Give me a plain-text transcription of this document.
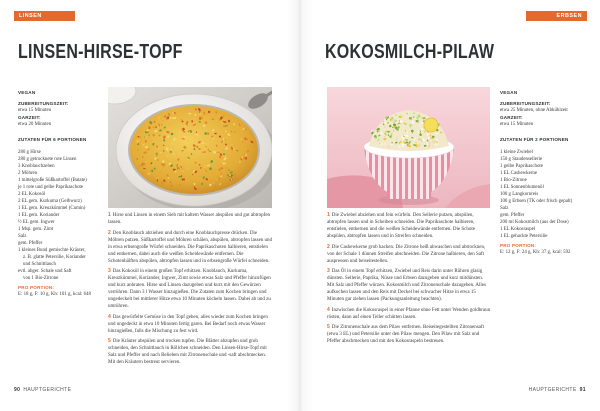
LINSEN
LINSEN-HIRSE-TOPF
VEGAN
ZUBEREITUNGSZEIT:
etwa 15 Minuten
GARZEIT:
etwa 20 Minuten
ZUTATEN FÜR 6 PORTIONEN
280 g Hirse
280 g getrocknete rote Linsen
3 Knoblauchzehen
2 Möhren
1 mittelgroße Süßkartoffel (Batate)
je 1 rote und gelbe Paprikaschote
2 EL Kokosöl
2 EL gem. Kurkuma (Gelbwurz)
1 EL gem. Kreuzkümmel (Cumin)
1 EL gem. Koriander
½ EL gem. Ingwer
1 Msp. gem. Zimt
Salz
gem. Pfeffer
1 kleines Bund gemischte Kräuter,
z. B. glatte Petersilie, Koriander
und Schnittlauch
evtl. abger. Schale und Saft
von 1 Bio-Zitrone
PRO PORTION:
E: 18 g, F: 10 g, Kh: 101 g, kcal: 648

1 Hirse und Linsen in einem Sieb mit kaltem Wasser abspülen und gut abtropfen lassen.

2 Den Knoblauch abziehen und durch eine Knoblauchpresse drücken. Die Möhren putzen. Süßkartoffel und Möhren schälen, abspülen, abtropfen lassen und in etwa erbsengroße Würfel schneiden. Die Paprikaschoten halbieren, entstielen und entkernen, dabei auch die weißen Scheidewände entfernen. Die Schotenhälften abspülen, abtropfen lassen und in erbsengroße Würfel schneiden.

3 Das Kokosöl in einem großen Topf erhitzen. Knoblauch, Kurkuma, Kreuzkümmel, Koriander, Ingwer, Zimt sowie etwas Salz und Pfeffer hinzufügen und kurz anbraten. Hirse und Linsen dazugeben und kurz mit den Gewürzen verrühren. Dann 3 l Wasser hinzugießen. Die Zutaten zum Kochen bringen und ungedeckelt bei mittlerer Hitze etwa 10 Minuten köcheln lassen. Dabei ab und zu umrühren.

4 Das gewürfelte Gemüse in den Topf geben, alles wieder zum Kochen bringen und ungedeckt in etwa 10 Minuten fertig garen. Bei Bedarf noch etwas Wasser hinzugießen, falls die Mischung zu fest wird.

5 Die Kräuter abspülen und trocken tupfen. Die Blätter abzupfen und grob schneiden, den Schnittlauch in Röllchen schneiden. Den Linsen-Hirse-Topf mit Salz und Pfeffer und nach Belieben mit Zitronenschale und -saft abschmecken. Mit den Kräutern bestreut servieren.

90 HAUPTGERICHTE
ERBSEN
KOKOSMILCH-PILAW
VEGAN
ZUBEREITUNGSZEIT:
etwa 25 Minuten, ohne Abkühlzeit
GARZEIT:
etwa 15 Minuten
ZUTATEN FÜR 2 PORTIONEN
1 kleine Zwiebel
150 g Staudensellerie
1 gelbe Paprikaschote
1 EL Cashewkerne
1 Bio-Zitrone
1 EL Sonnenblumenöl
100 g Langkornreis
100 g Erbsen (TK oder frisch gepalt)
Salz
gem. Pfeffer
200 ml Kokosmilch (aus der Dose)
1 EL Kokosraspel
1 EL gehackte Petersilie
PRO PORTION:
E: 12 g, F: 24 g, Kh: 37 g, kcal: 592

1 Die Zwiebel abziehen und fein würfeln. Den Sellerie putzen, abspülen, abtropfen lassen und in Scheiben schneiden. Die Paprikaschote halbieren, entstielen, entkernen und die weißen Scheidewände entfernen. Die Schote abspülen, abtropfen lassen und in Streifen schneiden.

2 Die Cashewkerne grob hacken. Die Zitrone heiß abwaschen und abtrocknen, von der Schale 1 dünnen Streifen abschneiden. Die Zitrone halbieren, den Saft auspressen und beiseitestellen.

3 Das Öl in einem Topf erhitzen, Zwiebel und Reis darin unter Rühren glasig dünsten. Sellerie, Paprika, Nüsse und Erbsen dazugeben und kurz mitdünsten. Mit Salz und Pfeffer würzen. Kokosmilch und Zitronenschale dazugeben. Alles aufkochen lassen und den Reis mit Deckel bei schwacher Hitze in etwa 15 Minuten gar ziehen lassen (Packungsanleitung beachten).

4 Inzwischen die Kokosraspel in einer Pfanne ohne Fett unter Wenden goldbraun rösten, dann auf einen Teller schütten lassen.

5 Die Zitronenschale aus dem Pilaw entfernen. Beiseitegestellten Zitronensaft (etwa 3 EL) und Petersilie unter den Pilaw mengen. Den Pilaw mit Salz und Pfeffer abschmecken und mit den Kokosraspeln bestreuen.

HAUPTGERICHTE 91
